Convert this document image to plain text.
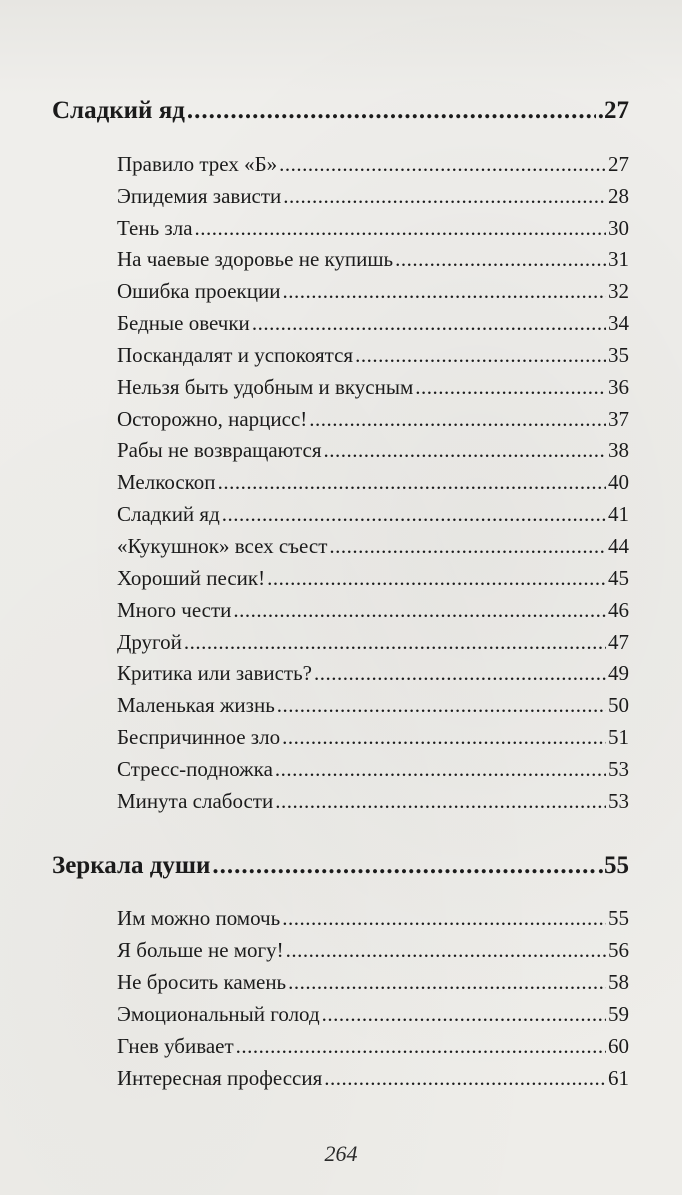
Сладкий яд .....	.27
Правило трех «Б» .....	27
Эпидемия зависти .....	28
Тень зла .....	30
На чаевые здоровье не купишь .....	31
Ошибка проекции .....	32
Бедные овечки .....	34
Поскандалят и успокоятся .....	35
Нельзя быть удобным и вкусным .....	36
Осторожно, нарцисс! .....	37
Рабы не возвращаются .....	38
Мелкоскоп .....	40
Сладкий яд .....	41
«Кукушнок» всех съест .....	44
Хороший песик! .....	45
Много чести .....	46
Другой .....	47
Критика или зависть? .....	49
Маленькая жизнь .....	50
Беспричинное зло .....	51
Стресс-подножка .....	53
Минута слабости .....	53
Зеркала души .....	.55
Им можно помочь .....	55
Я больше не могу! .....	56
Не бросить камень .....	58
Эмоциональный голод .....	59
Гнев убивает .....	60
Интересная профессия .....	61
264
